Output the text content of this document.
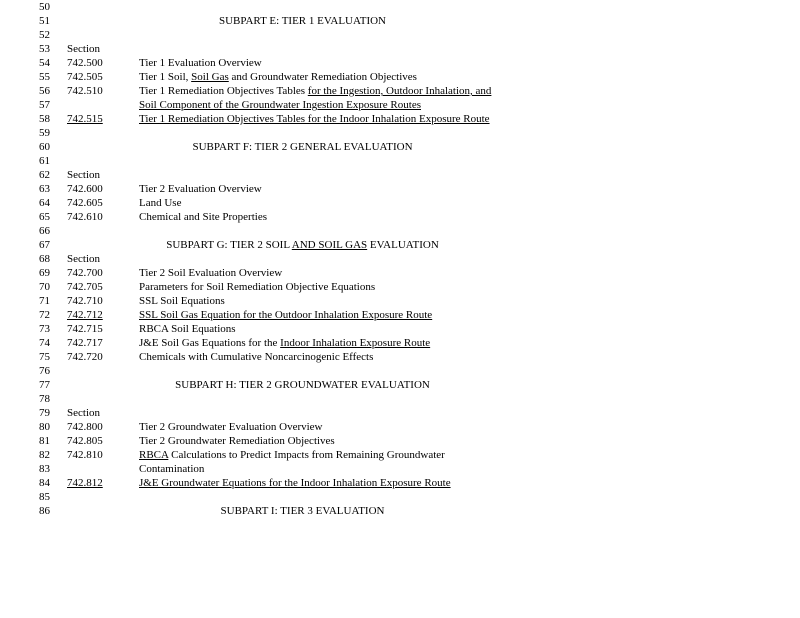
50
51	SUBPART E: TIER 1 EVALUATION
52
53 Section
54 742.500	Tier 1 Evaluation Overview
55 742.505	Tier 1 Soil, Soil Gas and Groundwater Remediation Objectives
56 742.510	Tier 1 Remediation Objectives Tables for the Ingestion, Outdoor Inhalation, and
57	Soil Component of the Groundwater Ingestion Exposure Routes
58 742.515	Tier 1 Remediation Objectives Tables for the Indoor Inhalation Exposure Route
59
60	SUBPART F: TIER 2 GENERAL EVALUATION
61
62 Section
63 742.600	Tier 2 Evaluation Overview
64 742.605	Land Use
65 742.610	Chemical and Site Properties
66
67	SUBPART G: TIER 2 SOIL AND SOIL GAS EVALUATION
68 Section
69 742.700	Tier 2 Soil Evaluation Overview
70 742.705	Parameters for Soil Remediation Objective Equations
71 742.710	SSL Soil Equations
72 742.712	SSL Soil Gas Equation for the Outdoor Inhalation Exposure Route
73 742.715	RBCA Soil Equations
74 742.717	J&E Soil Gas Equations for the Indoor Inhalation Exposure Route
75 742.720	Chemicals with Cumulative Noncarcinogenic Effects
76
77	SUBPART H: TIER 2 GROUNDWATER EVALUATION
78
79 Section
80 742.800	Tier 2 Groundwater Evaluation Overview
81 742.805	Tier 2 Groundwater Remediation Objectives
82 742.810	RBCA Calculations to Predict Impacts from Remaining Groundwater
83	Contamination
84 742.812	J&E Groundwater Equations for the Indoor Inhalation Exposure Route
85
86	SUBPART I: TIER 3 EVALUATION
